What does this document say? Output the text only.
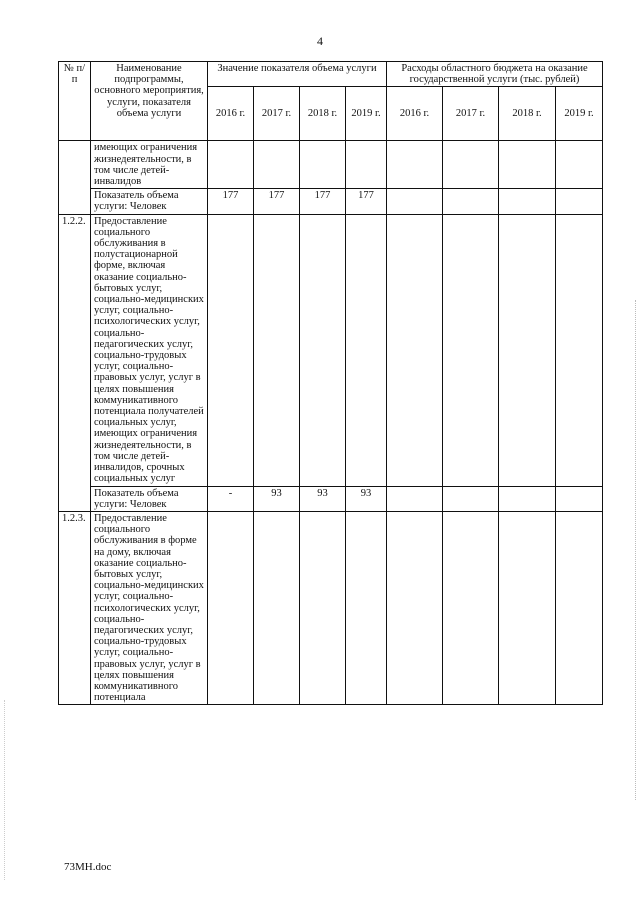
4
№ п/п	Наименование подпрограммы, основного мероприятия, услуги, показателя объема услуги	Значение показателя объема услуги				Расходы областного бюджета на оказание государственной услуги (тыс. рублей)			
		2016 г.	2017 г.	2018 г.	2019 г.	2016 г.	2017 г.	2018 г.	2019 г.
	имеющих ограничения жизнедеятельности, в том числе детей-инвалидов								
	Показатель объема услуги: Человек	177	177	177	177				
1.2.2.	Предоставление социального обслуживания в полустационарной форме, включая оказание социально-бытовых услуг, социально-медицинских услуг, социально-психологических услуг, социально-педагогических услуг, социально-трудовых услуг, социально-правовых услуг, услуг в целях повышения коммуникативного потенциала получателей социальных услуг, имеющих ограничения жизнедеятельности, в том числе детей-инвалидов, срочных социальных услуг								
	Показатель объема услуги: Человек	-	93	93	93				
1.2.3.	Предоставление социального обслуживания в форме на дому, включая оказание социально-бытовых услуг, социально-медицинских услуг, социально-психологических услуг, социально-педагогических услуг, социально-трудовых услуг, социально-правовых услуг, услуг в целях повышения коммуникативного потенциала								
73МН.doc
